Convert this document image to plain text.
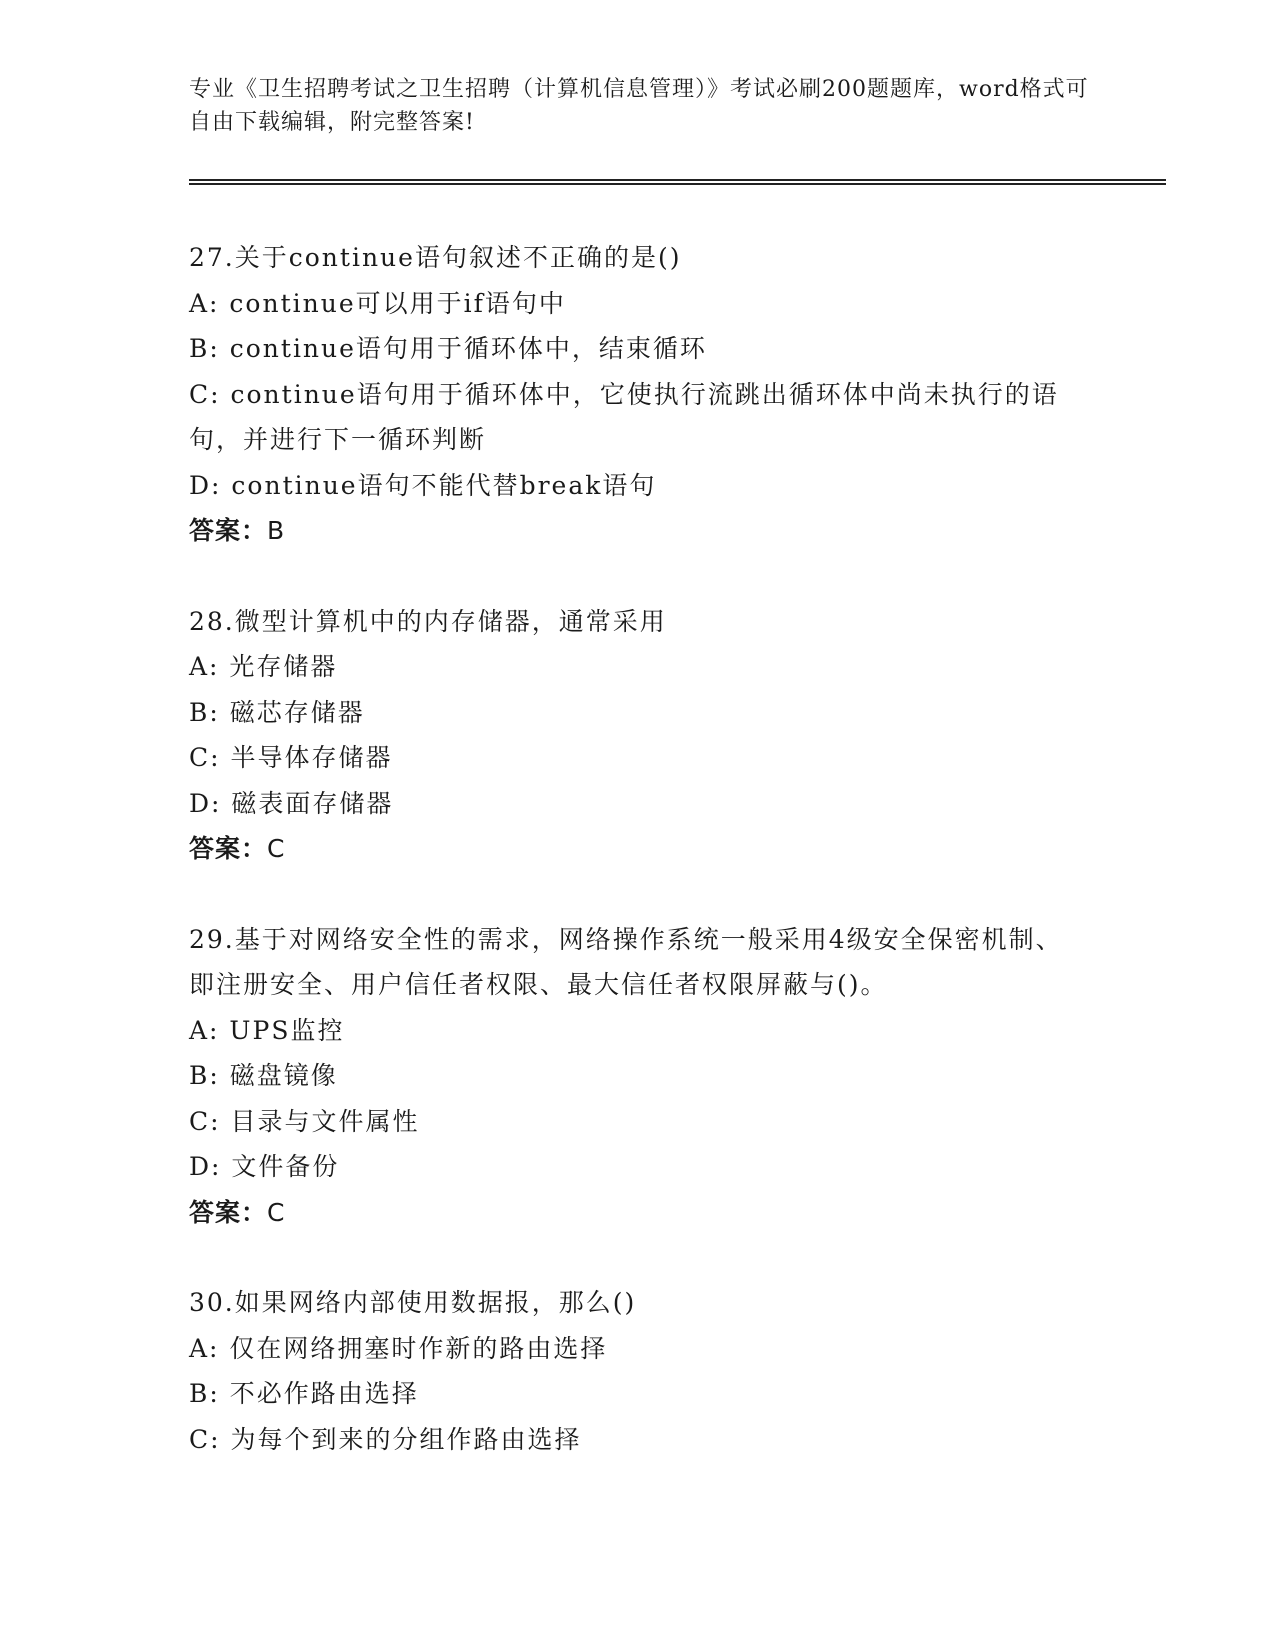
专业《卫生招聘考试之卫生招聘（计算机信息管理）》考试必刷200题题库，word格式可自由下载编辑，附完整答案!
27.关于continue语句叙述不正确的是()
A: continue可以用于if语句中
B: continue语句用于循环体中，结束循环
C: continue语句用于循环体中，它使执行流跳出循环体中尚未执行的语句，并进行下一循环判断
D: continue语句不能代替break语句
答案：B
28.微型计算机中的内存储器，通常采用
A: 光存储器
B: 磁芯存储器
C: 半导体存储器
D: 磁表面存储器
答案：C
29.基于对网络安全性的需求，网络操作系统一般采用4级安全保密机制、即注册安全、用户信任者权限、最大信任者权限屏蔽与()。
A: UPS监控
B: 磁盘镜像
C: 目录与文件属性
D: 文件备份
答案：C
30.如果网络内部使用数据报，那么()
A: 仅在网络拥塞时作新的路由选择
B: 不必作路由选择
C: 为每个到来的分组作路由选择
